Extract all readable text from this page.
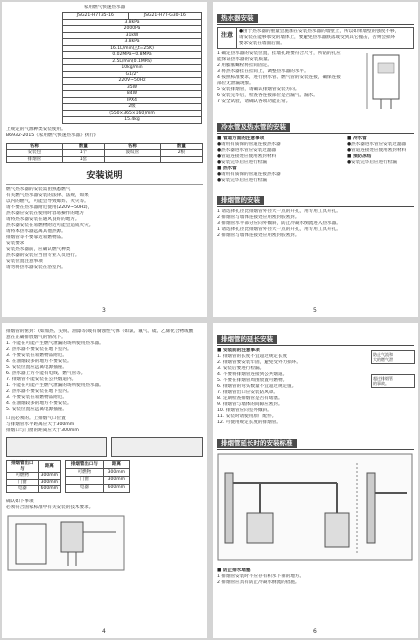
家用燃气快速热水器
JSG21-H7T35-16	JSG21-H7T-G30-16
3.8kPa
2000Pa
31kW
3.8kPa
16.1L/min(△t=25K)
0.02MPa~0.8MPa
2.5L/min(0.1MPa)
10kg/min
G1/2"
220V~50Hz
35W
84W
IPX4
2级
(550×365×160)mm
15.4kg
上规定的气源种类安装使用。
B6932-2015《家用燃气快速热水器》执行)
名称	数量	名称	数量
安装包	1个	波纹管	2根
排烟管	1套		
安装说明
燃气热水器的安装需由熟悉燃气
有关燃气热水器安装的法律、法规，如果
以内的燃气，可能会导致爆炸、火灾等。
请不要在热水器附近使用(220V~50Hz)，
热水器应安装在使用时容易操作的地方
请将热水器安装在通风良好的地方。
热水器安装在易燃物附近可能会造成火灾。
请将本热水器远离其他热源。
排烟管等不要靠近易燃物品。
安装要求
安装热水器前，应确认燃气种类
热水器的安装应当由专业人员进行。
安装位置注意事项
请勿将热水器安装在浴室内。
3
热水器安装
注意
●由于热水器的重量会施加在安装热水器的墙壁上，所以如果墙壁的强度不够，
请安装在能够承受的墙体上，要避免热水器跌落或受到其它撞击，否则会损坏
要求安装在墙面后面。
1 确定热水器的安装位置，挂墙孔距要符合尺寸，所钻的孔应
能保证热水器的安装质量。
2 用膨胀螺栓将挂钩固定。
3 将热水器挂在挂钩上，调整热水器的水平。
4 按照标准要求，进行供水管、燃气管的安装连接，确保连接
部位无泄漏现象。
5 安装排烟管，请确认排烟管安装方向。
6 安装完毕后，检查各连接部位是否漏气、漏水。
7 安全试验，请确认各项功能正常。
冷水管及热水管的安装
■ 管道方面的注意事项
●请用有质保的管道连接热水器
●热水器进水管应安装过滤器
●管道连接处应使用密封材料
●安装完毕后应进行检漏
■ 热水管
●请用有质保的管道连接热水器
●安装完毕后应进行检漏
■ 冷水管
●热水器进水管应安装过滤器
●管道连接处应使用密封材料
■ 预防冻结
●安装完毕后应进行检漏
排烟管的安装
1 请选择孔径比排烟管外径大一点的开孔，用专用工具开孔。
2 排烟管与墙体连接处应用密封胶密封。
3 排烟管水平部分应向外倾斜，防止冷凝水倒流进入热水器。
1 请选择孔径比排烟管外径大一点的开孔，用专用工具开孔。
2 排烟管与墙体连接处应用密封胶密封。
5
排烟管的密封：(如加热、尖锐、油漆等)或有腐蚀性气体（如氯、氟气、硫、乙烯化合物或酸
意在正确排放烟气的情况下。
1. 不能在可能产生燃气泄漏的场所使用热水器。
2. 热水器不要安装在地下室内。
3. 不要安装在易燃物品附近。
4. 在油烟较多的地方不要安装。
5. 安装位置应远离电源插座。
6. 热水器上方不能有电线、燃气管等。
7. 排烟管不能安装在公共烟道内。
1. 不能在可能产生燃气泄漏的场所使用热水器。
2. 热水器不要安装在地下室内。
3. 不要安装在易燃物品附近。
4. 在油烟较多的地方不要安装。
5. 安装位置应远离电源插座。
口直必须的。上排烟气口位置
与排烟管水平距离应大于300mm
排烟口与门窗的距离应大于300mm
排烟管出口与	距离
可燃物	300mm
门窗	300mm
电器	600mm
排烟管出口与	距离
可燃物	300mm
门窗	300mm
电器	600mm
确认如下事项
必须符合国家标准中有关安装的技术要求。
4
排烟管的延长安装
■ 安装前的注意事项
1. 排烟管的长度不宜超过规定长度
2. 排烟管要安装牢固，避免受外力损坏。
3. 安装后要进行检漏。
4. 不要将排烟管连接到公共烟道。
5. 不要在排烟管周围放置可燃物。
6. 排烟管的弯头数量不宜超过规定值。
7. 排烟管出口应安装防风罩。
8. 定期检查排烟管是否有堵塞。
9. 排烟管与墙体的间隙应密封。
10. 排烟管应向室外倾斜。
11. 安装时请使用原厂配件。
12. 可使用规定长度的排烟管。
防止气流和
大的燃气泄
超过排烟管
的事故。
排烟管延长时的安装标准
■ 防止排水堵塞
1 排烟管安装时不应存有积水下垂的地方。
2 排烟管应具有防止冷凝水倒流的措施。
6
